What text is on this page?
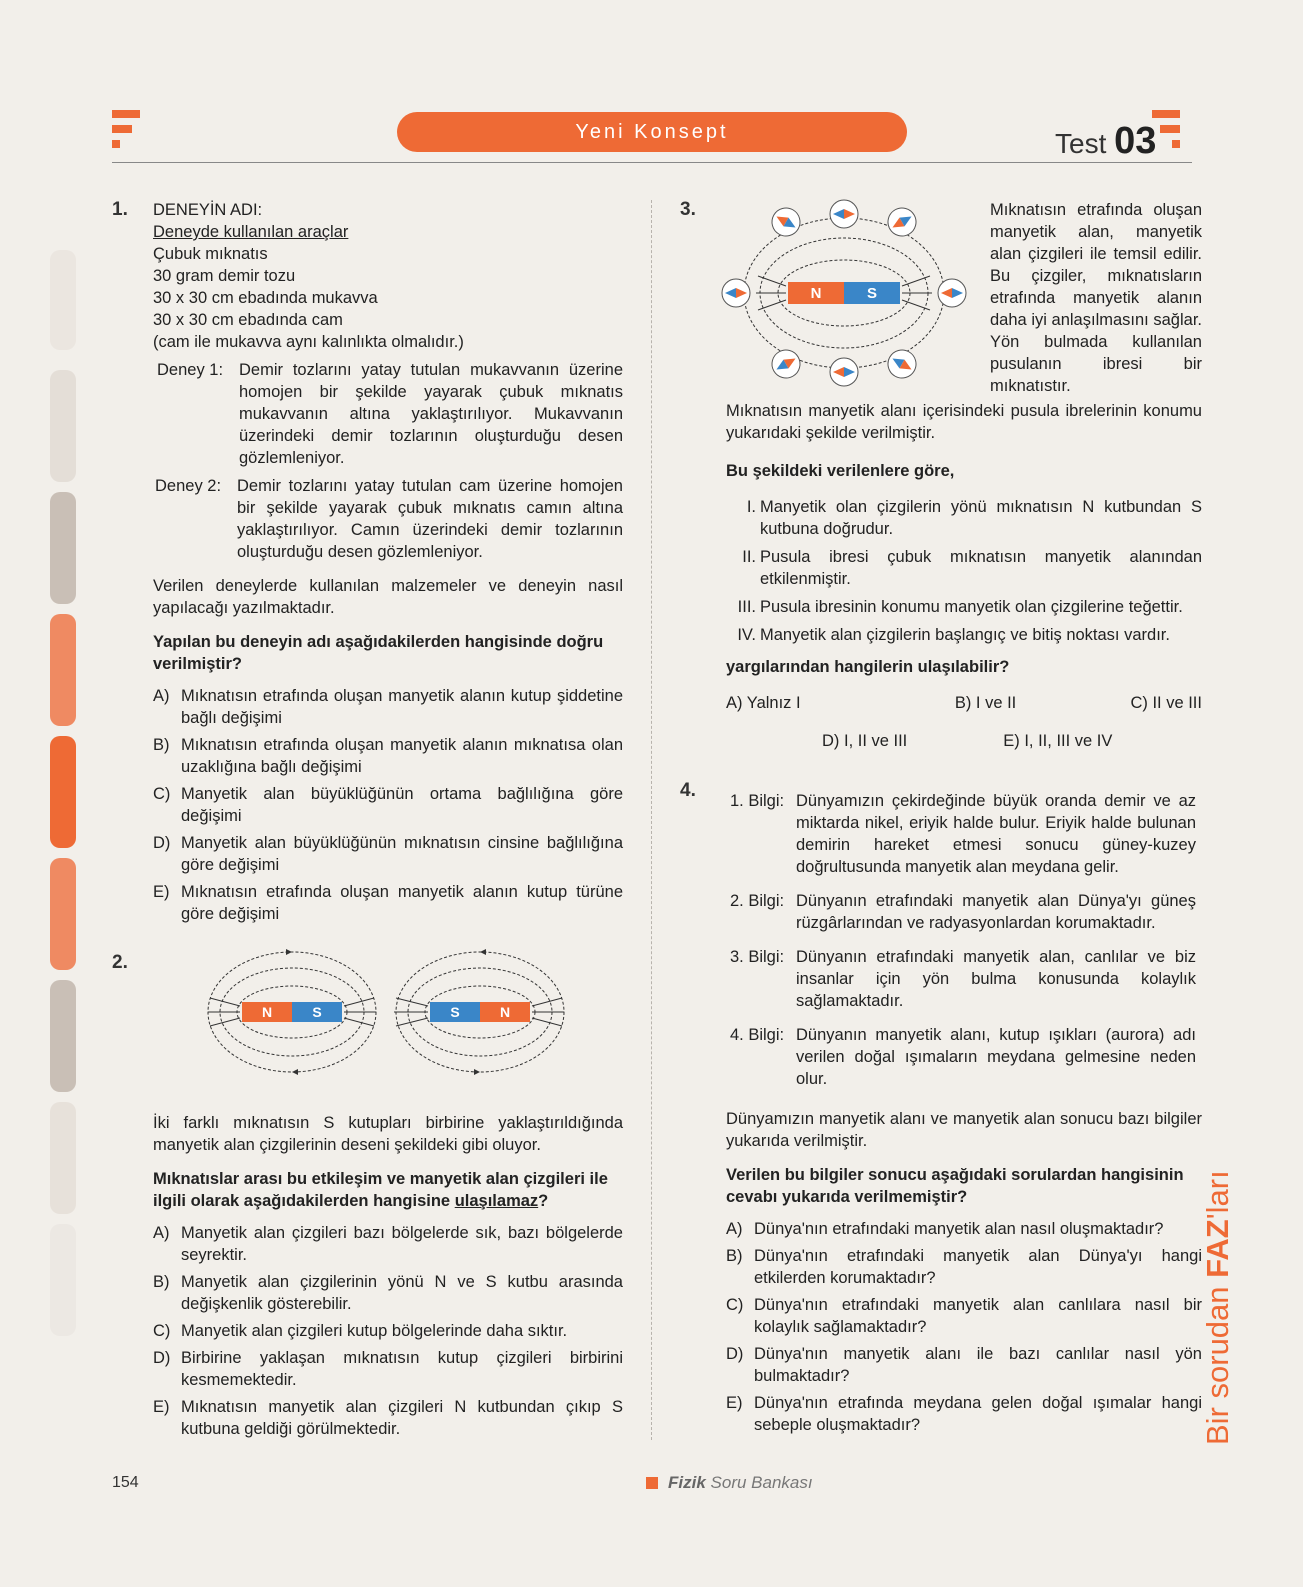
Yeni Konsept	Test 03
1. DENEYİN ADI:

Deneyde kullanılan araçlar

Çubuk mıknatıs

30 gram demir tozu

30 x 30 cm ebadında mukavva

30 x 30 cm ebadında cam

(cam ile mukavva aynı kalınlıkta olmalıdır.)

Deney 1: Demir tozlarını yatay tutulan mukavvanın üzerine homojen bir şekilde yayarak çubuk mıknatıs mukavvanın altına yaklaştırılıyor. Mukavvanın üzerindeki demir tozlarının oluşturduğu desen gözlemleniyor.
Deney 2: Demir tozlarını yatay tutulan cam üzerine homojen bir şekilde yayarak çubuk mıknatıs camın altına yaklaştırılıyor. Camın üzerindeki demir tozlarının oluşturduğu desen gözlemleniyor.

Verilen deneylerde kullanılan malzemeler ve deneyin nasıl yapılacağı yazılmaktadır.

Yapılan bu deneyin adı aşağıdakilerden hangisinde doğru verilmiştir?

A) Mıknatısın etrafında oluşan manyetik alanın kutup şiddetine bağlı değişimi
B) Mıknatısın etrafında oluşan manyetik alanın mıknatısa olan uzaklığına bağlı değişimi
C) Manyetik alan büyüklüğünün ortama bağlılığına göre değişimi
D) Manyetik alan büyüklüğünün mıknatısın cinsine bağlılığına göre değişimi
E) Mıknatısın etrafında oluşan manyetik alanın kutup türüne göre değişimi
2.
N	S	S	N

İki farklı mıknatısın S kutupları birbirine yaklaştırıldığında manyetik alan çizgilerinin deseni şekildeki gibi oluyor.

Mıknatıslar arası bu etkileşim ve manyetik alan çizgileri ile ilgili olarak aşağıdakilerden hangisine ulaşılamaz?

A) Manyetik alan çizgileri bazı bölgelerde sık, bazı bölgelerde seyrektir.
B) Manyetik alan çizgilerinin yönü N ve S kutbu arasında değişkenlik gösterebilir.
C) Manyetik alan çizgileri kutup bölgelerinde daha sıktır.
D) Birbirine yaklaşan mıknatısın kutup çizgileri birbirini kesmemektedir.
E) Mıknatısın manyetik alan çizgileri N kutbundan çıkıp S kutbuna geldiği görülmektedir.
3.
N	S
Mıknatısın etrafında oluşan manyetik alan, manyetik alan çizgileri ile temsil edilir. Bu çizgiler, mıknatısların etrafında manyetik alanın daha iyi anlaşılmasını sağlar. Yön bulmada kullanılan pusulanın ibresi bir mıknatıstır.

Mıknatısın manyetik alanı içerisindeki pusula ibrelerinin konumu yukarıdaki şekilde verilmiştir.

Bu şekildeki verilenlere göre,

I. Manyetik olan çizgilerin yönü mıknatısın N kutbundan S kutbuna doğrudur.
II. Pusula ibresi çubuk mıknatısın manyetik alanından etkilenmiştir.
III. Pusula ibresinin konumu manyetik olan çizgilerine teğettir.
IV. Manyetik alan çizgilerin başlangıç ve bitiş noktası vardır.

yargılarından hangilerin ulaşılabilir?

A) Yalnız I	B) I ve II	C) II ve III
D) I, II ve III	E) I, II, III ve IV
4. 1. Bilgi: Dünyamızın çekirdeğinde büyük oranda demir ve az miktarda nikel, eriyik halde bulur. Eriyik halde bulunan demirin hareket etmesi sonucu güney-kuzey doğrultusunda manyetik alan meydana gelir.
2. Bilgi: Dünyanın etrafındaki manyetik alan Dünya'yı güneş rüzgârlarından ve radyasyonlardan korumaktadır.
3. Bilgi: Dünyanın etrafındaki manyetik alan, canlılar ve biz insanlar için yön bulma konusunda kolaylık sağlamaktadır.
4. Bilgi: Dünyanın manyetik alanı, kutup ışıkları (aurora) adı verilen doğal ışımaların meydana gelmesine neden olur.

Dünyamızın manyetik alanı ve manyetik alan sonucu bazı bilgiler yukarıda verilmiştir.

Verilen bu bilgiler sonucu aşağıdaki sorulardan hangisinin cevabı yukarıda verilmemiştir?

A) Dünya'nın etrafındaki manyetik alan nasıl oluşmaktadır?
B) Dünya'nın etrafındaki manyetik alan Dünya'yı hangi etkilerden korumaktadır?
C) Dünya'nın etrafındaki manyetik alan canlılara nasıl bir kolaylık sağlamaktadır?
D) Dünya'nın manyetik alanı ile bazı canlılar nasıl yön bulmaktadır?
E) Dünya'nın etrafında meydana gelen doğal ışımalar hangi sebeple oluşmaktadır?	Bir sorudan FAZ'ları
154	Fizik Soru Bankası
